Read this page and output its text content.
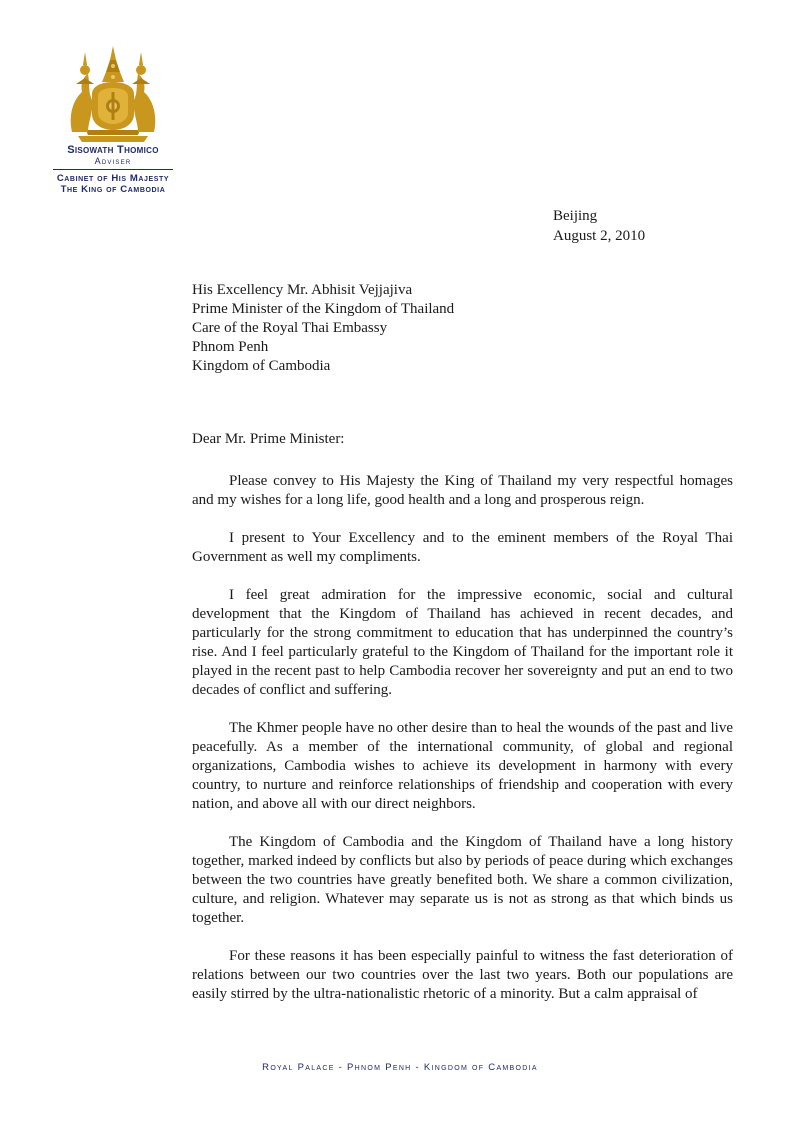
Sisowath Thomico
Adviser
Cabinet of His Majesty
The King of Cambodia
Beijing
August 2, 2010
His Excellency Mr. Abhisit Vejjajiva
Prime Minister of the Kingdom of Thailand
Care of the Royal Thai Embassy
Phnom Penh
Kingdom of Cambodia
Dear Mr. Prime Minister:

Please convey to His Majesty the King of Thailand my very respectful homages and my wishes for a long life, good health and a long and prosperous reign.

I present to Your Excellency and to the eminent members of the Royal Thai Government as well my compliments.

I feel great admiration for the impressive economic, social and cultural development that the Kingdom of Thailand has achieved in recent decades, and particularly for the strong commitment to education that has underpinned the country’s rise. And I feel particularly grateful to the Kingdom of Thailand for the important role it played in the recent past to help Cambodia recover her sovereignty and put an end to two decades of conflict and suffering.

The Khmer people have no other desire than to heal the wounds of the past and live peacefully. As a member of the international community, of global and regional organizations, Cambodia wishes to achieve its development in harmony with every country, to nurture and reinforce relationships of friendship and cooperation with every nation, and above all with our direct neighbors.

The Kingdom of Cambodia and the Kingdom of Thailand have a long history together, marked indeed by conflicts but also by periods of peace during which exchanges between the two countries have greatly benefited both. We share a common civilization, culture, and religion. Whatever may separate us is not as strong as that which binds us together.

For these reasons it has been especially painful to witness the fast deterioration of relations between our two countries over the last two years. Both our populations are easily stirred by the ultra-nationalistic rhetoric of a minority. But a calm appraisal of

Royal Palace - Phnom Penh - Kingdom of Cambodia
